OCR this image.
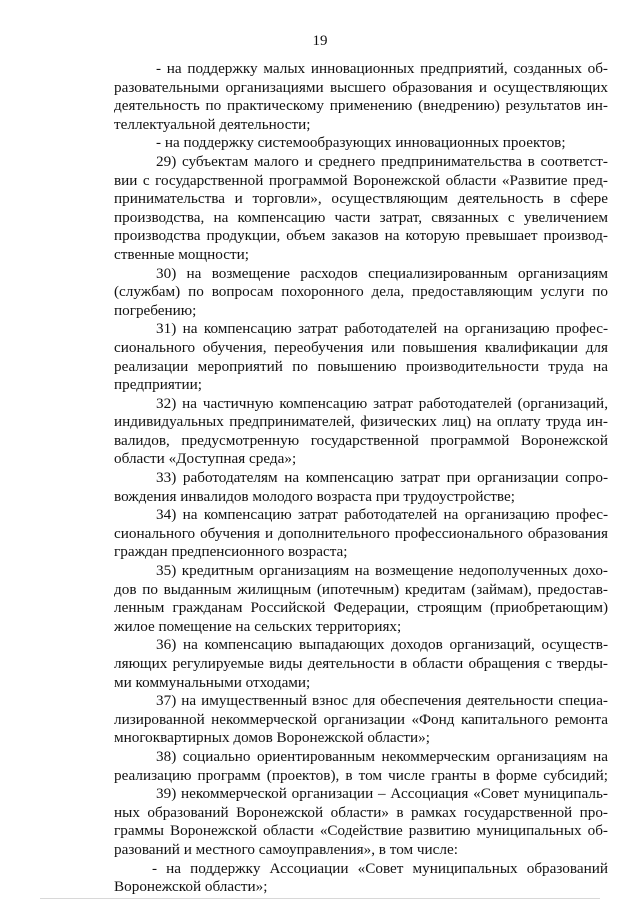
19
- на поддержку малых инновационных предприятий, созданных об-
разовательными организациями высшего образования и осуществляющих
деятельность по практическому применению (внедрению) результатов ин-
теллектуальной деятельности;
- на поддержку системообразующих инновационных проектов;
29) субъектам малого и среднего предпринимательства в соответст-
вии с государственной программой Воронежской области «Развитие пред-
принимательства и торговли», осуществляющим деятельность в сфере
производства, на компенсацию части затрат, связанных с увеличением
производства продукции, объем заказов на которую превышает производ-
ственные мощности;
30) на возмещение расходов специализированным организациям
(службам) по вопросам похоронного дела, предоставляющим услуги по
погребению;
31) на компенсацию затрат работодателей на организацию профес-
сионального обучения, переобучения или повышения квалификации для
реализации мероприятий по повышению производительности труда на
предприятии;
32) на частичную компенсацию затрат работодателей (организаций,
индивидуальных предпринимателей, физических лиц) на оплату труда ин-
валидов, предусмотренную государственной программой Воронежской
области «Доступная среда»;
33) работодателям на компенсацию затрат при организации сопро-
вождения инвалидов молодого возраста при трудоустройстве;
34) на компенсацию затрат работодателей на организацию профес-
сионального обучения и дополнительного профессионального образования
граждан предпенсионного возраста;
35) кредитным организациям на возмещение недополученных дохо-
дов по выданным жилищным (ипотечным) кредитам (займам), предостав-
ленным гражданам Российской Федерации, строящим (приобретающим)
жилое помещение на сельских территориях;
36) на компенсацию выпадающих доходов организаций, осуществ-
ляющих регулируемые виды деятельности в области обращения с тверды-
ми коммунальными отходами;
37) на имущественный взнос для обеспечения деятельности специа-
лизированной некоммерческой организации «Фонд капитального ремонта
многоквартирных домов Воронежской области»;
38) социально ориентированным некоммерческим организациям на
реализацию программ (проектов), в том числе гранты в форме субсидий;
39) некоммерческой организации – Ассоциация «Совет муниципаль-
ных образований Воронежской области» в рамках государственной про-
граммы Воронежской области «Содействие развитию муниципальных об-
разований и местного самоуправления», в том числе:
- на поддержку Ассоциации «Совет муниципальных образований
Воронежской области»;
